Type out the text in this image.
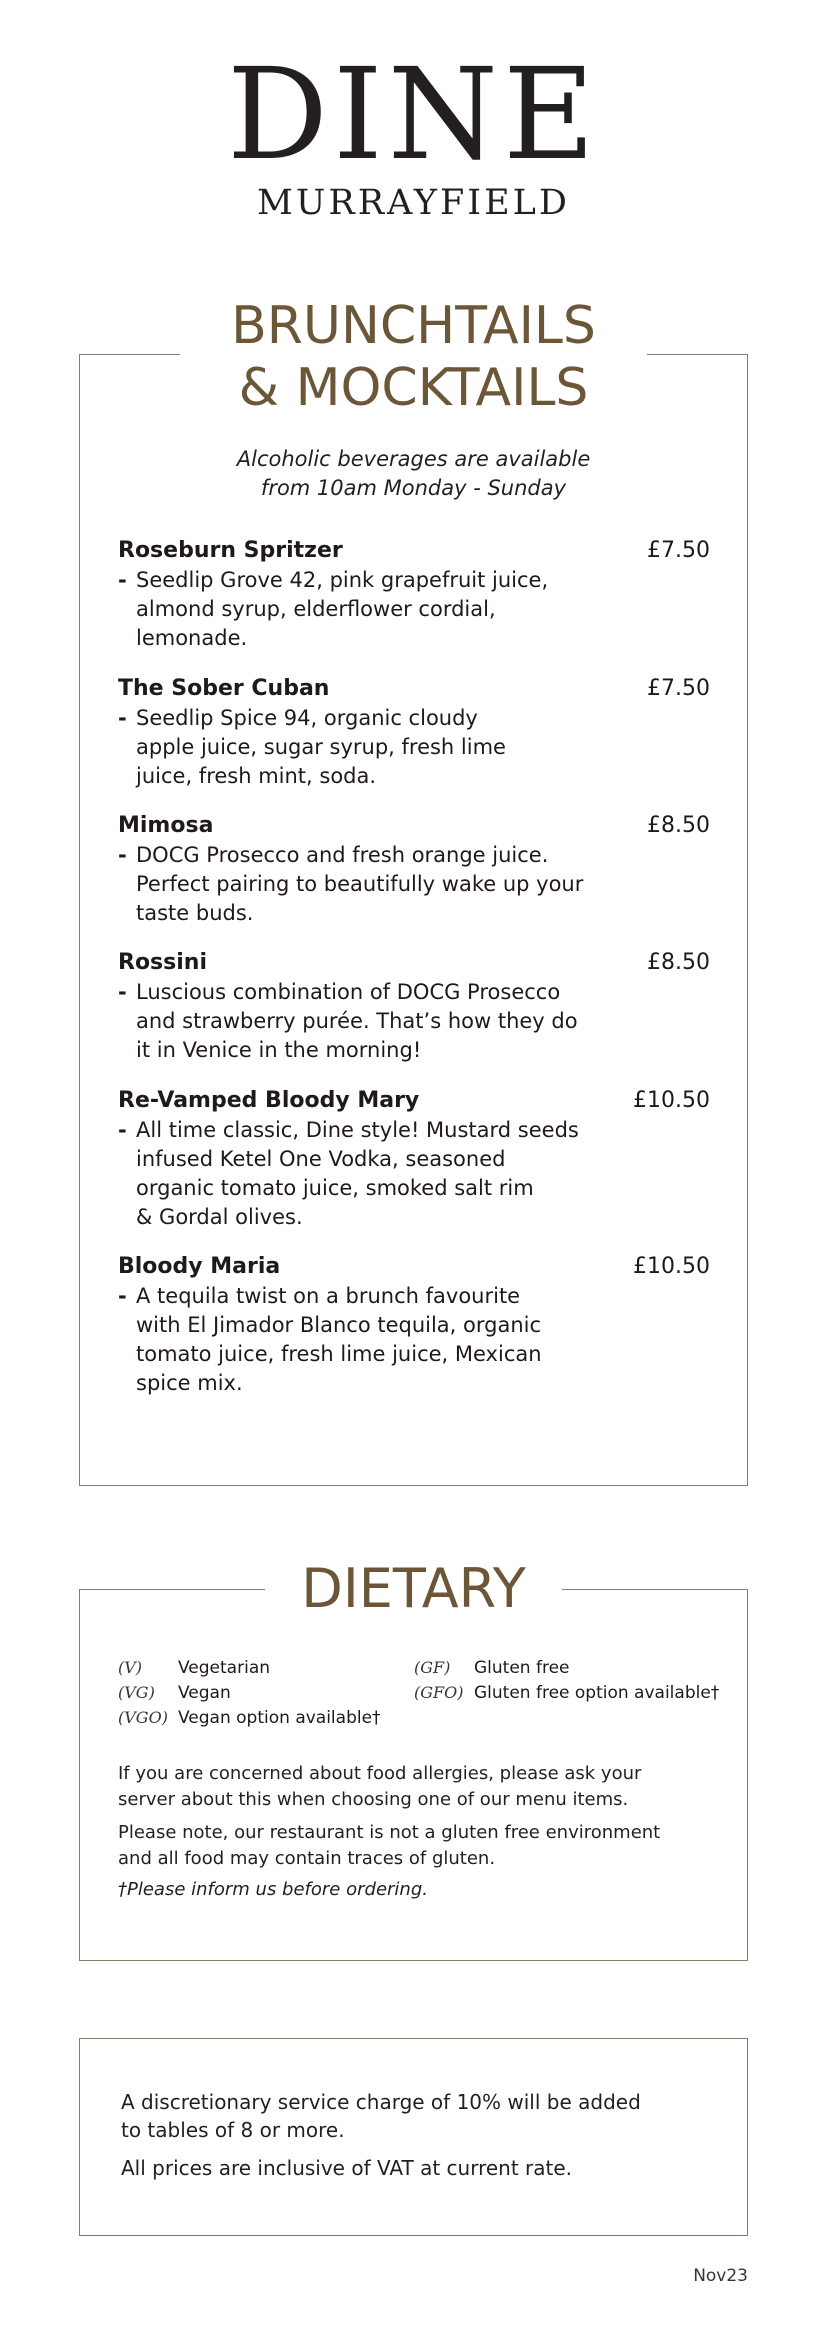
DINE
MURRAYFIELD
BRUNCHTAILS
& MOCKTAILS
Alcoholic beverages are available
from 10am Monday - Sunday
Roseburn Spritzer	£7.50
- Seedlip Grove 42, pink grapefruit juice,
almond syrup, elderflower cordial,
lemonade.
The Sober Cuban	£7.50
- Seedlip Spice 94, organic cloudy
apple juice, sugar syrup, fresh lime
juice, fresh mint, soda.
Mimosa	£8.50
- DOCG Prosecco and fresh orange juice.
Perfect pairing to beautifully wake up your
taste buds.
Rossini	£8.50
- Luscious combination of DOCG Prosecco
and strawberry purée. That’s how they do
it in Venice in the morning!
Re-Vamped Bloody Mary	£10.50
- All time classic, Dine style! Mustard seeds
infused Ketel One Vodka, seasoned
organic tomato juice, smoked salt rim
& Gordal olives.
Bloody Maria	£10.50
- A tequila twist on a brunch favourite
with El Jimador Blanco tequila, organic
tomato juice, fresh lime juice, Mexican
spice mix.
DIETARY
(V) Vegetarian
(VG) Vegan
(VGO) Vegan option available†
(GF) Gluten free
(GFO) Gluten free option available†
If you are concerned about food allergies, please ask your
server about this when choosing one of our menu items.
Please note, our restaurant is not a gluten free environment
and all food may contain traces of gluten.
†Please inform us before ordering.
A discretionary service charge of 10% will be added
to tables of 8 or more.
All prices are inclusive of VAT at current rate.
Nov23
